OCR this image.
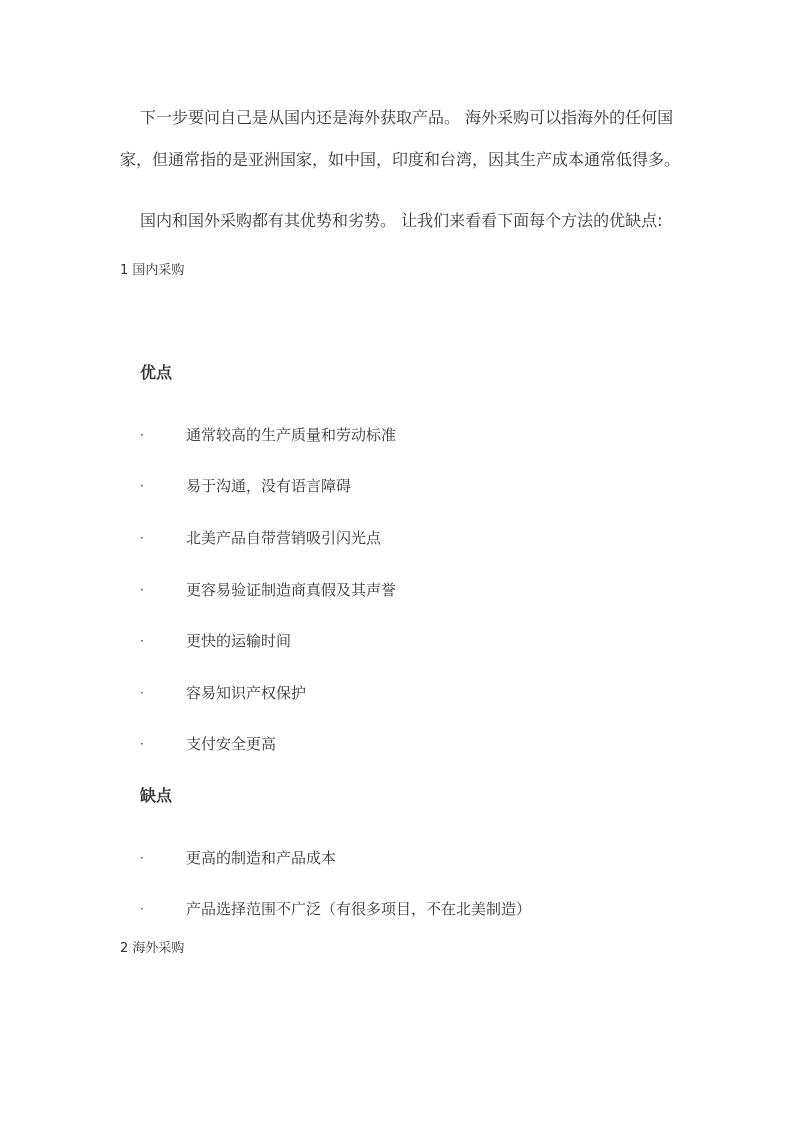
下一步要问自己是从国内还是海外获取产品。 海外采购可以指海外的任何国家，但通常指的是亚洲国家，如中国，印度和台湾，因其生产成本通常低得多。

国内和国外采购都有其优势和劣势。 让我们来看看下面每个方法的优缺点:

1 国内采购
优点
·	通常较高的生产质量和劳动标准
·	易于沟通，没有语言障碍
·	北美产品自带营销吸引闪光点
·	更容易验证制造商真假及其声誉
·	更快的运输时间
·	容易知识产权保护
·	支付安全更高
缺点
·	更高的制造和产品成本
·	产品选择范围不广泛（有很多项目，不在北美制造）
2 海外采购
